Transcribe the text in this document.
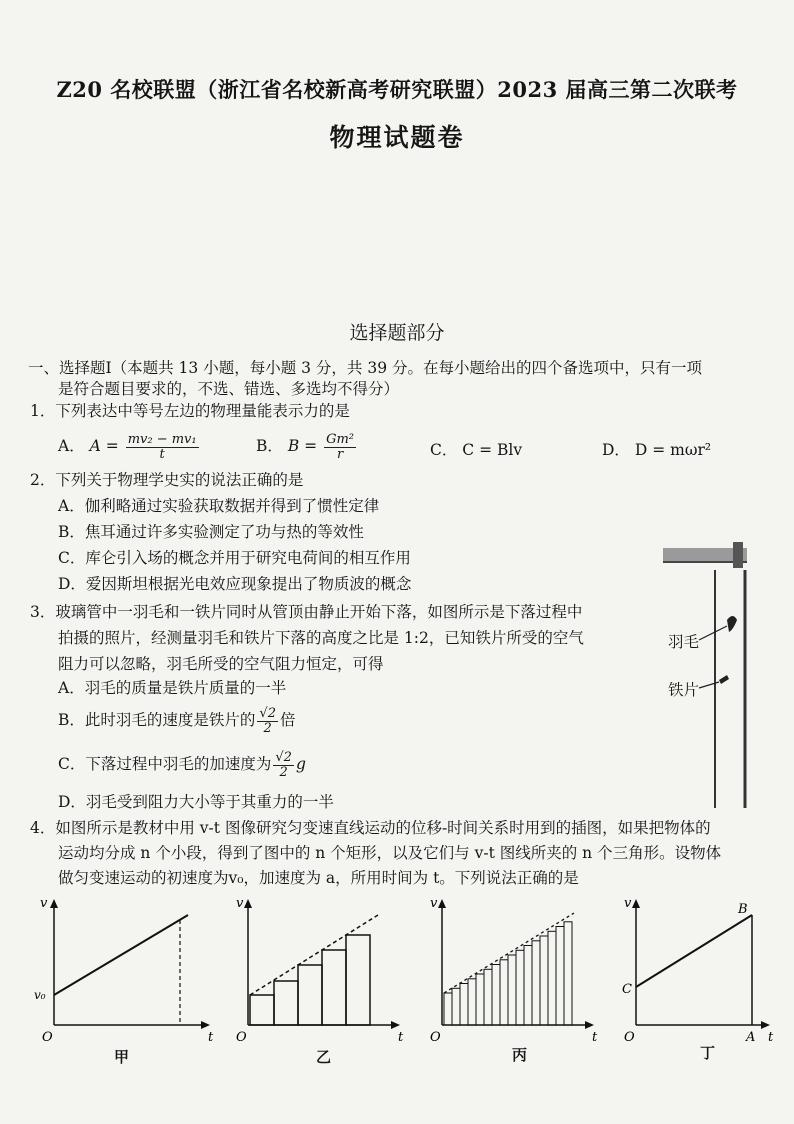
Z20 名校联盟（浙江省名校新高考研究联盟）2023 届高三第二次联考
物理试题卷
选择题部分
一、选择题Ⅰ（本题共 13 小题，每小题 3 分，共 39 分。在每小题给出的四个备选项中，只有一项
是符合题目要求的，不选、错选、多选均不得分）
1．下列表达中等号左边的物理量能表示力的是
A． $A = \frac{\text{mv₂ − mv₁}}{t}$	B． $B = \frac{\text{Gm²}}{r}$	C． C = Blv	D． D = mωr²
2．下列关于物理学史实的说法正确的是
A．伽利略通过实验获取数据并得到了惯性定律
B．焦耳通过许多实验测定了功与热的等效性
C．库仑引入场的概念并用于研究电荷间的相互作用
D．爱因斯坦根据光电效应现象提出了物质波的概念
羽毛
铁片
3．玻璃管中一羽毛和一铁片同时从管顶由静止开始下落，如图所示是下落过程中
拍摄的照片，经测量羽毛和铁片下落的高度之比是 1:2，已知铁片所受的空气
阻力可以忽略，羽毛所受的空气阻力恒定，可得
A．羽毛的质量是铁片质量的一半
B．此时羽毛的速度是铁片的 $\frac{√2}{2}$ 倍
C．下落过程中羽毛的加速度为 $\frac{√2}{2}$ g
D．羽毛受到阻力大小等于其重力的一半
4．如图所示是教材中用 v-t 图像研究匀变速直线运动的位移-时间关系时用到的插图，如果把物体的
运动均分成 n 个小段，得到了图中的 n 个矩形，以及它们与 v-t 图线所夹的 n 个三角形。设物体
做匀变速运动的初速度为v₀，加速度为 a，所用时间为 t。下列说法正确的是
v
t
O
v₀
甲
v
t
O
乙
v
t
O
丙
v
t
O
C
B
A
丁
